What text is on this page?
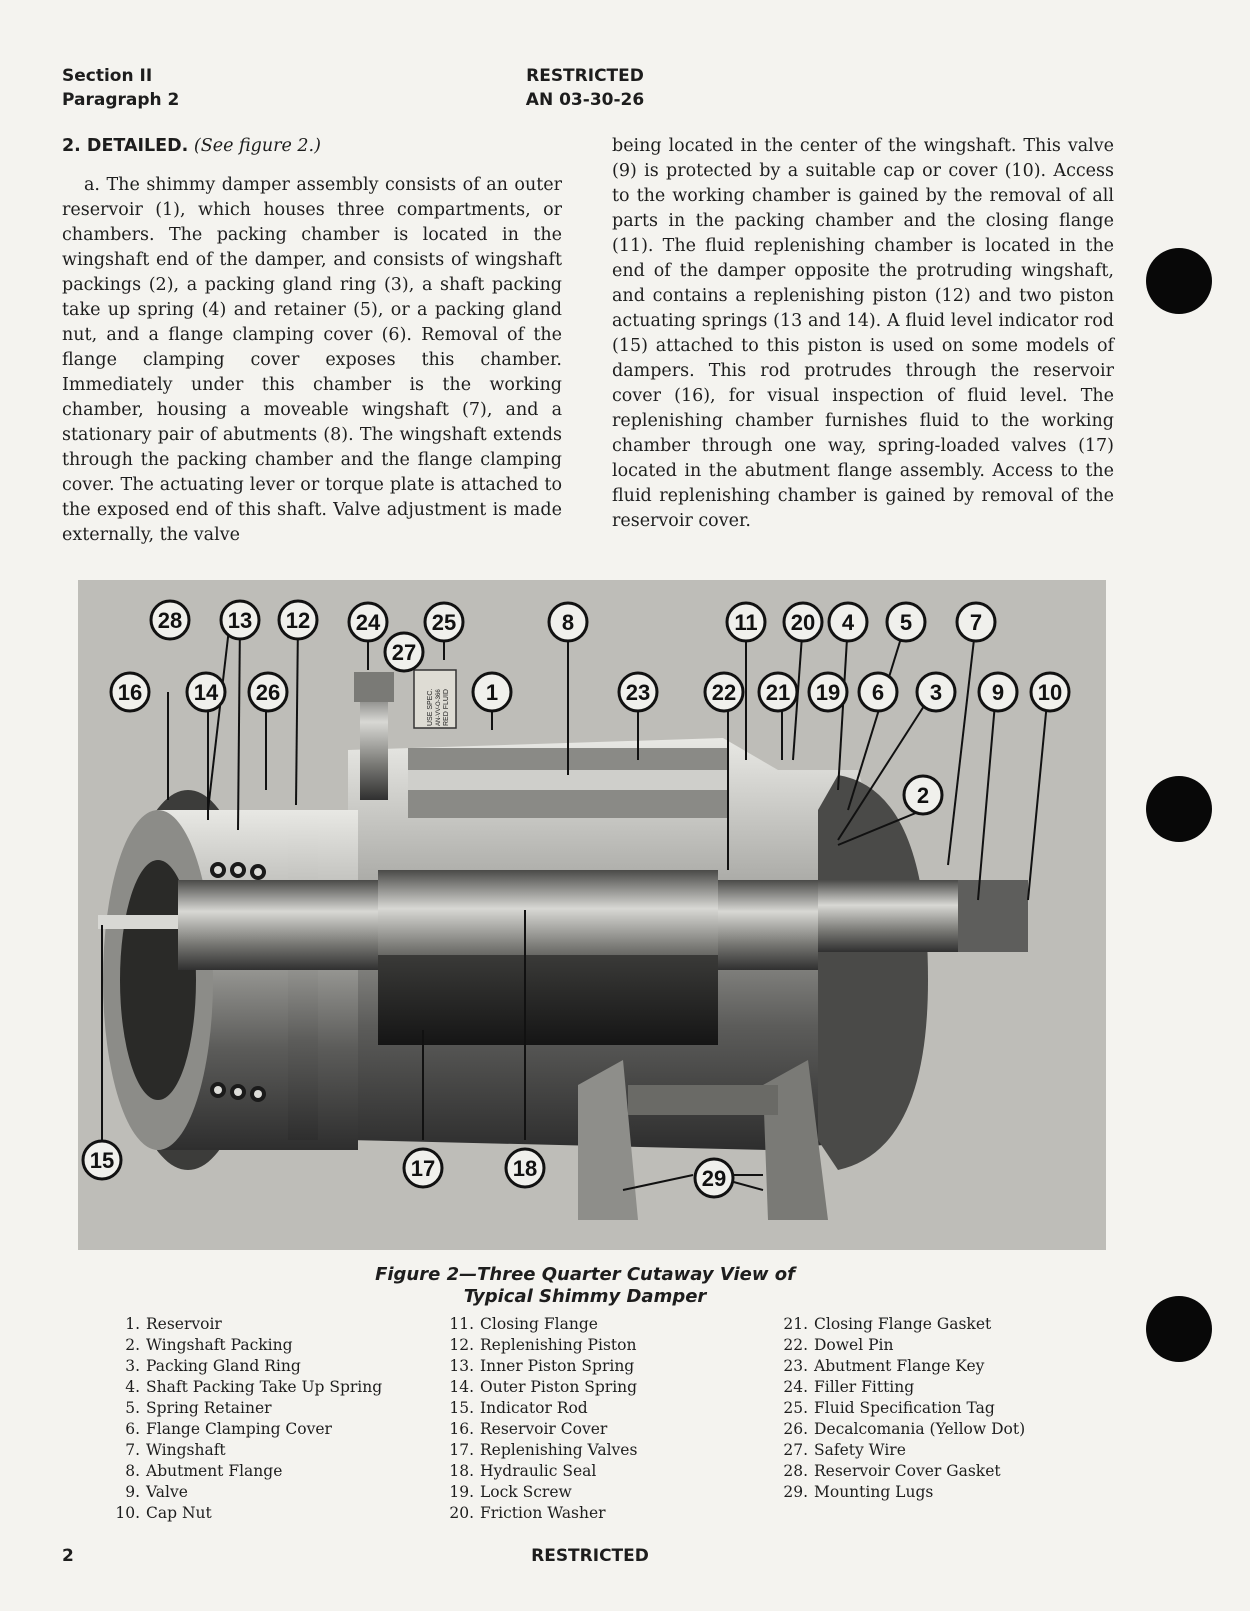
Section II
Paragraph 2
RESTRICTED
AN 03-30-26

2. DETAILED. (See figure 2.)

a. The shimmy damper assembly consists of an outer reservoir (1), which houses three compartments, or chambers. The packing chamber is located in the wingshaft end of the damper, and consists of wingshaft packings (2), a packing gland ring (3), a shaft packing take up spring (4) and retainer (5), or a packing gland nut, and a flange clamping cover (6). Removal of the flange clamping cover exposes this chamber. Immediately under this chamber is the working chamber, housing a moveable wingshaft (7), and a stationary pair of abutments (8). The wingshaft extends through the packing chamber and the flange clamping cover. The actuating lever or torque plate is attached to the exposed end of this shaft. Valve adjustment is made externally, the valve

being located in the center of the wingshaft. This valve (9) is protected by a suitable cap or cover (10). Access to the working chamber is gained by the removal of all parts in the packing chamber and the closing flange (11). The fluid replenishing chamber is located in the end of the damper opposite the protruding wingshaft, and contains a replenishing piston (12) and two piston actuating springs (13 and 14). A fluid level indicator rod (15) attached to this piston is used on some models of dampers. This rod protrudes through the reservoir cover (16), for visual inspection of fluid level. The replenishing chamber furnishes fluid to the working chamber through one way, spring-loaded valves (17) located in the abutment flange assembly. Access to the fluid replenishing chamber is gained by removal of the reservoir cover.

USE SPEC. AN-VV-O-366 RED FLUID
28 13 12 24 25
27
8	11 20 4 5	7
16 14 26	1	23	22 21 19 6 3 9 10
2
15	17	18	29
Figure 2—Three Quarter Cutaway View of
Typical Shimmy Damper
1. Reservoir
2. Wingshaft Packing
3. Packing Gland Ring
4. Shaft Packing Take Up Spring
5. Spring Retainer
6. Flange Clamping Cover
7. Wingshaft
8. Abutment Flange
9. Valve
10. Cap Nut
11. Closing Flange
12. Replenishing Piston
13. Inner Piston Spring
14. Outer Piston Spring
15. Indicator Rod
16. Reservoir Cover
17. Replenishing Valves
18. Hydraulic Seal
19. Lock Screw
20. Friction Washer
21. Closing Flange Gasket
22. Dowel Pin
23. Abutment Flange Key
24. Filler Fitting
25. Fluid Specification Tag
26. Decalcomania (Yellow Dot)
27. Safety Wire
28. Reservoir Cover Gasket
29. Mounting Lugs
2	RESTRICTED
